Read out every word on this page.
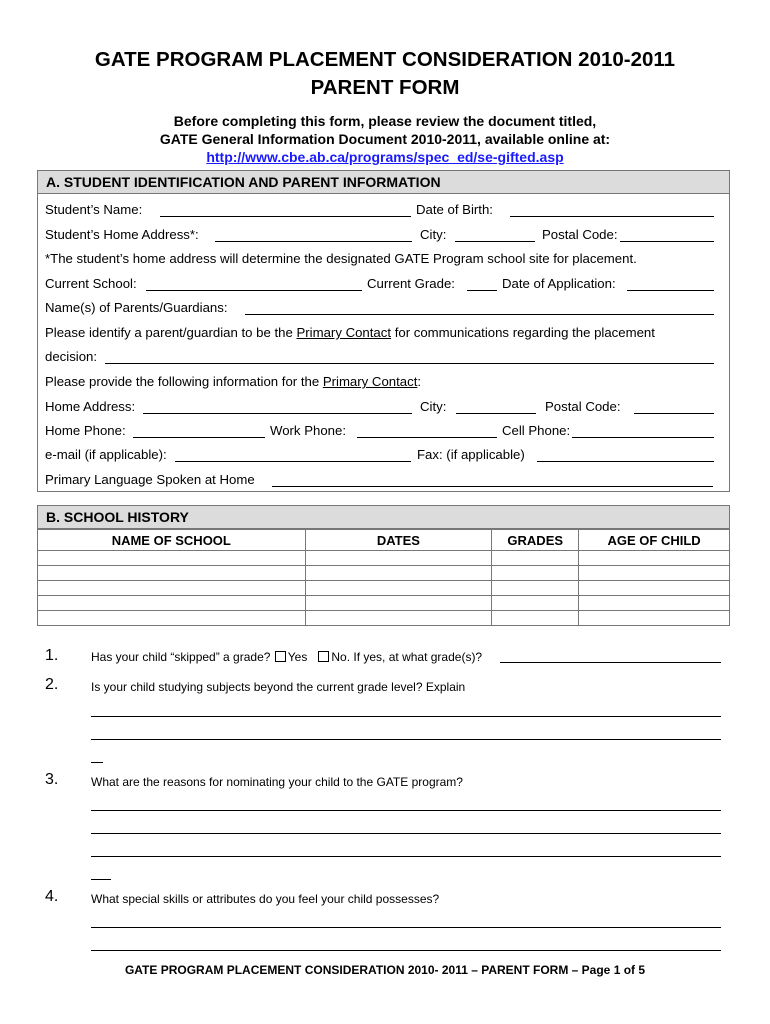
GATE PROGRAM PLACEMENT CONSIDERATION 2010-2011
PARENT FORM
Before completing this form, please review the document titled,
GATE General Information Document 2010-2011, available online at:
http://www.cbe.ab.ca/programs/spec_ed/se-gifted.asp
A. STUDENT IDENTIFICATION AND PARENT INFORMATION
Student’s Name:	Date of Birth:
Student’s Home Address*:	City:	Postal Code:
*The student’s home address will determine the designated GATE Program school site for placement.
Current School:	Current Grade:	Date of Application:
Name(s) of Parents/Guardians:
Please identify a parent/guardian to be the Primary Contact for communications regarding the placement
decision:
Please provide the following information for the Primary Contact:
Home Address:	City:	Postal Code:
Home Phone:	Work Phone:	Cell Phone:
e-mail (if applicable):	Fax: (if applicable)
Primary Language Spoken at Home
B. SCHOOL HISTORY
NAME OF SCHOOL	DATES	GRADES	AGE OF CHILD

1.	Has your child “skipped” a grade? Yes No. If yes, at what grade(s)?
2.	Is your child studying subjects beyond the current grade level? Explain
3.	What are the reasons for nominating your child to the GATE program?
4.	What special skills or attributes do you feel your child possesses?
GATE PROGRAM PLACEMENT CONSIDERATION 2010- 2011 – PARENT FORM – Page 1 of 5
